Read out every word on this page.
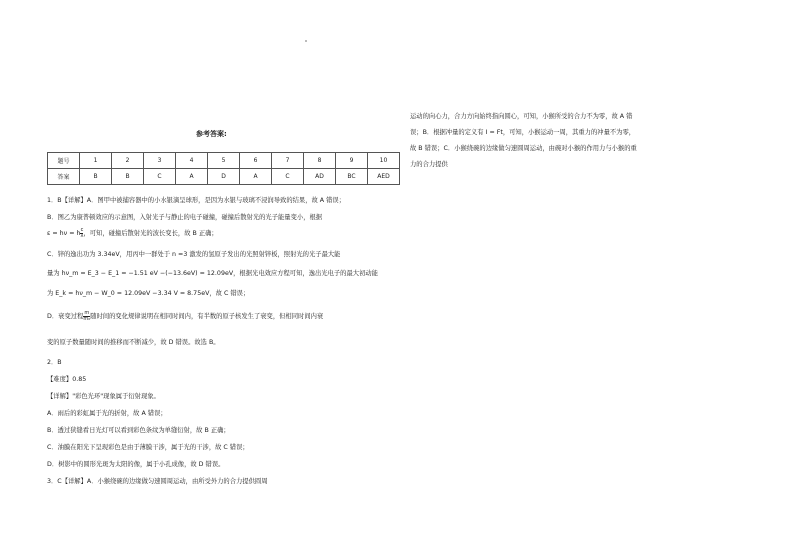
参考答案:
题号	1	2	3	4	5	6	7	8	9	10
答案	B	B	C	A	D	A	C	AD	BC	AED
1．B【详解】A．图甲中被捕容器中的小水银滴呈球形，是因为水银与玻璃不浸润导致的结果，故 A 错误；
B．图乙为康普顿效应的示意图，入射光子与静止的电子碰撞，碰撞后散射光的光子能量变小，根据
ε = hν = h $\frac{c}{\lambda}$ ，可知，碰撞后散射光的波长变长，故 B 正确；
C．锌的逸出功为 3.34eV，用丙中一群处于 n =3 激发的氢原子发出的光照射锌板，照射光的光子最大能
量为 hν_m = E_3 − E_1 = −1.51 eV −(−13.6eV) = 12.09eV，根据光电效应方程可知，逸出光电子的最大初动能
为 E_k = hν_m − W_0 = 12.09eV −3.34 V = 8.75eV，故 C 错误；
D．衰变过程 $\frac{m}{\text{m₀}}$ 随时间的变化规律说明在相同时间内，有半数的原子核发生了衰变，但相同时间内衰
变的原子数量随时间的推移而不断减少，故 D 错误。故选 B。
2．B
【难度】0.85
【详解】"彩色光环"现象属于衍射现象。
A．雨后的彩虹属于光的折射，故 A 错误；
B．透过狭缝看日光灯可以看到彩色条纹为单缝衍射，故 B 正确；
C．油膜在阳光下呈现彩色是由于薄膜干涉，属于光的干涉，故 C 错误；
D．树影中的圆形光斑为太阳的像，属于小孔成像，故 D 错误。
3．C【详解】A．小猴绕碗的边缘做匀速圆周运动，由所受外力的合力提供圆周
运动的向心力，合力方向始终指向圆心，可知，小猴所受的合力不为零，故 A 错
误；B．根据冲量的定义有 I = Ft，可知，小猴运动一周，其重力的冲量不为零，
故 B 错误；C．小猴绕碗的边缘做匀速圆周运动，由碗对小猴的作用力与小猴的重
力的合力提供
